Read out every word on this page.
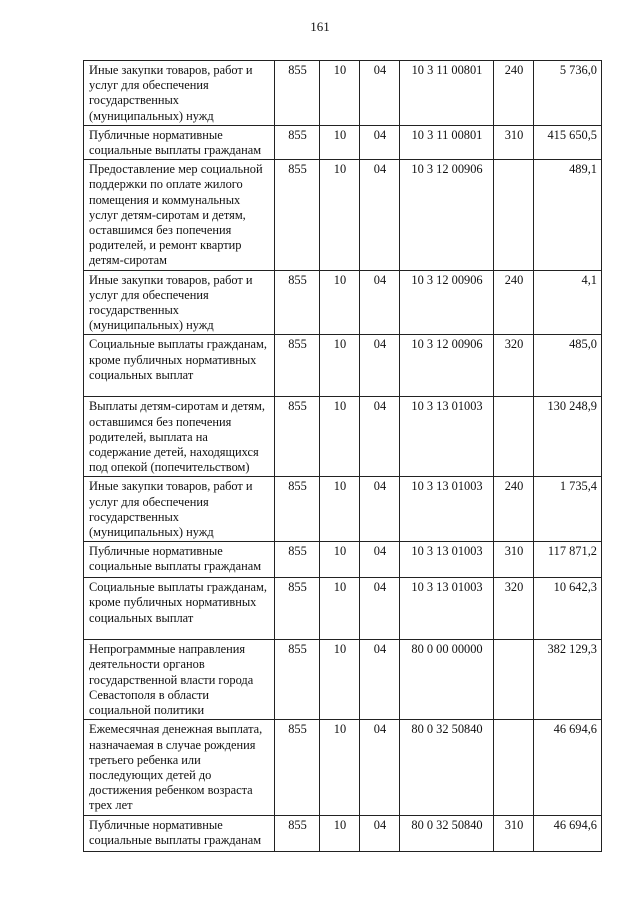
161
Иные закупки товаров, работ и услуг для обеспечения государственных (муниципальных) нужд	855	10	04	10 3 11 00801	240	5 736,0
Публичные нормативные социальные выплаты гражданам	855	10	04	10 3 11 00801	310	415 650,5
Предоставление мер социальной поддержки по оплате жилого помещения и коммунальных услуг детям-сиротам и детям, оставшимся без попечения родителей, и ремонт квартир детям-сиротам	855	10	04	10 3 12 00906		489,1
Иные закупки товаров, работ и услуг для обеспечения государственных (муниципальных) нужд	855	10	04	10 3 12 00906	240	4,1
Социальные выплаты гражданам, кроме публичных нормативных социальных выплат	855	10	04	10 3 12 00906	320	485,0
Выплаты детям-сиротам и детям, оставшимся без попечения родителей, выплата на содержание детей, находящихся под опекой (попечительством)	855	10	04	10 3 13 01003		130 248,9
Иные закупки товаров, работ и услуг для обеспечения государственных (муниципальных) нужд	855	10	04	10 3 13 01003	240	1 735,4
Публичные нормативные социальные выплаты гражданам	855	10	04	10 3 13 01003	310	117 871,2
Социальные выплаты гражданам, кроме публичных нормативных социальных выплат	855	10	04	10 3 13 01003	320	10 642,3
Непрограммные направления деятельности органов государственной власти города Севастополя в области социальной политики	855	10	04	80 0 00 00000		382 129,3
Ежемесячная денежная выплата, назначаемая в случае рождения третьего ребенка или последующих детей до достижения ребенком возраста трех лет	855	10	04	80 0 32 50840		46 694,6
Публичные нормативные социальные выплаты гражданам	855	10	04	80 0 32 50840	310	46 694,6
